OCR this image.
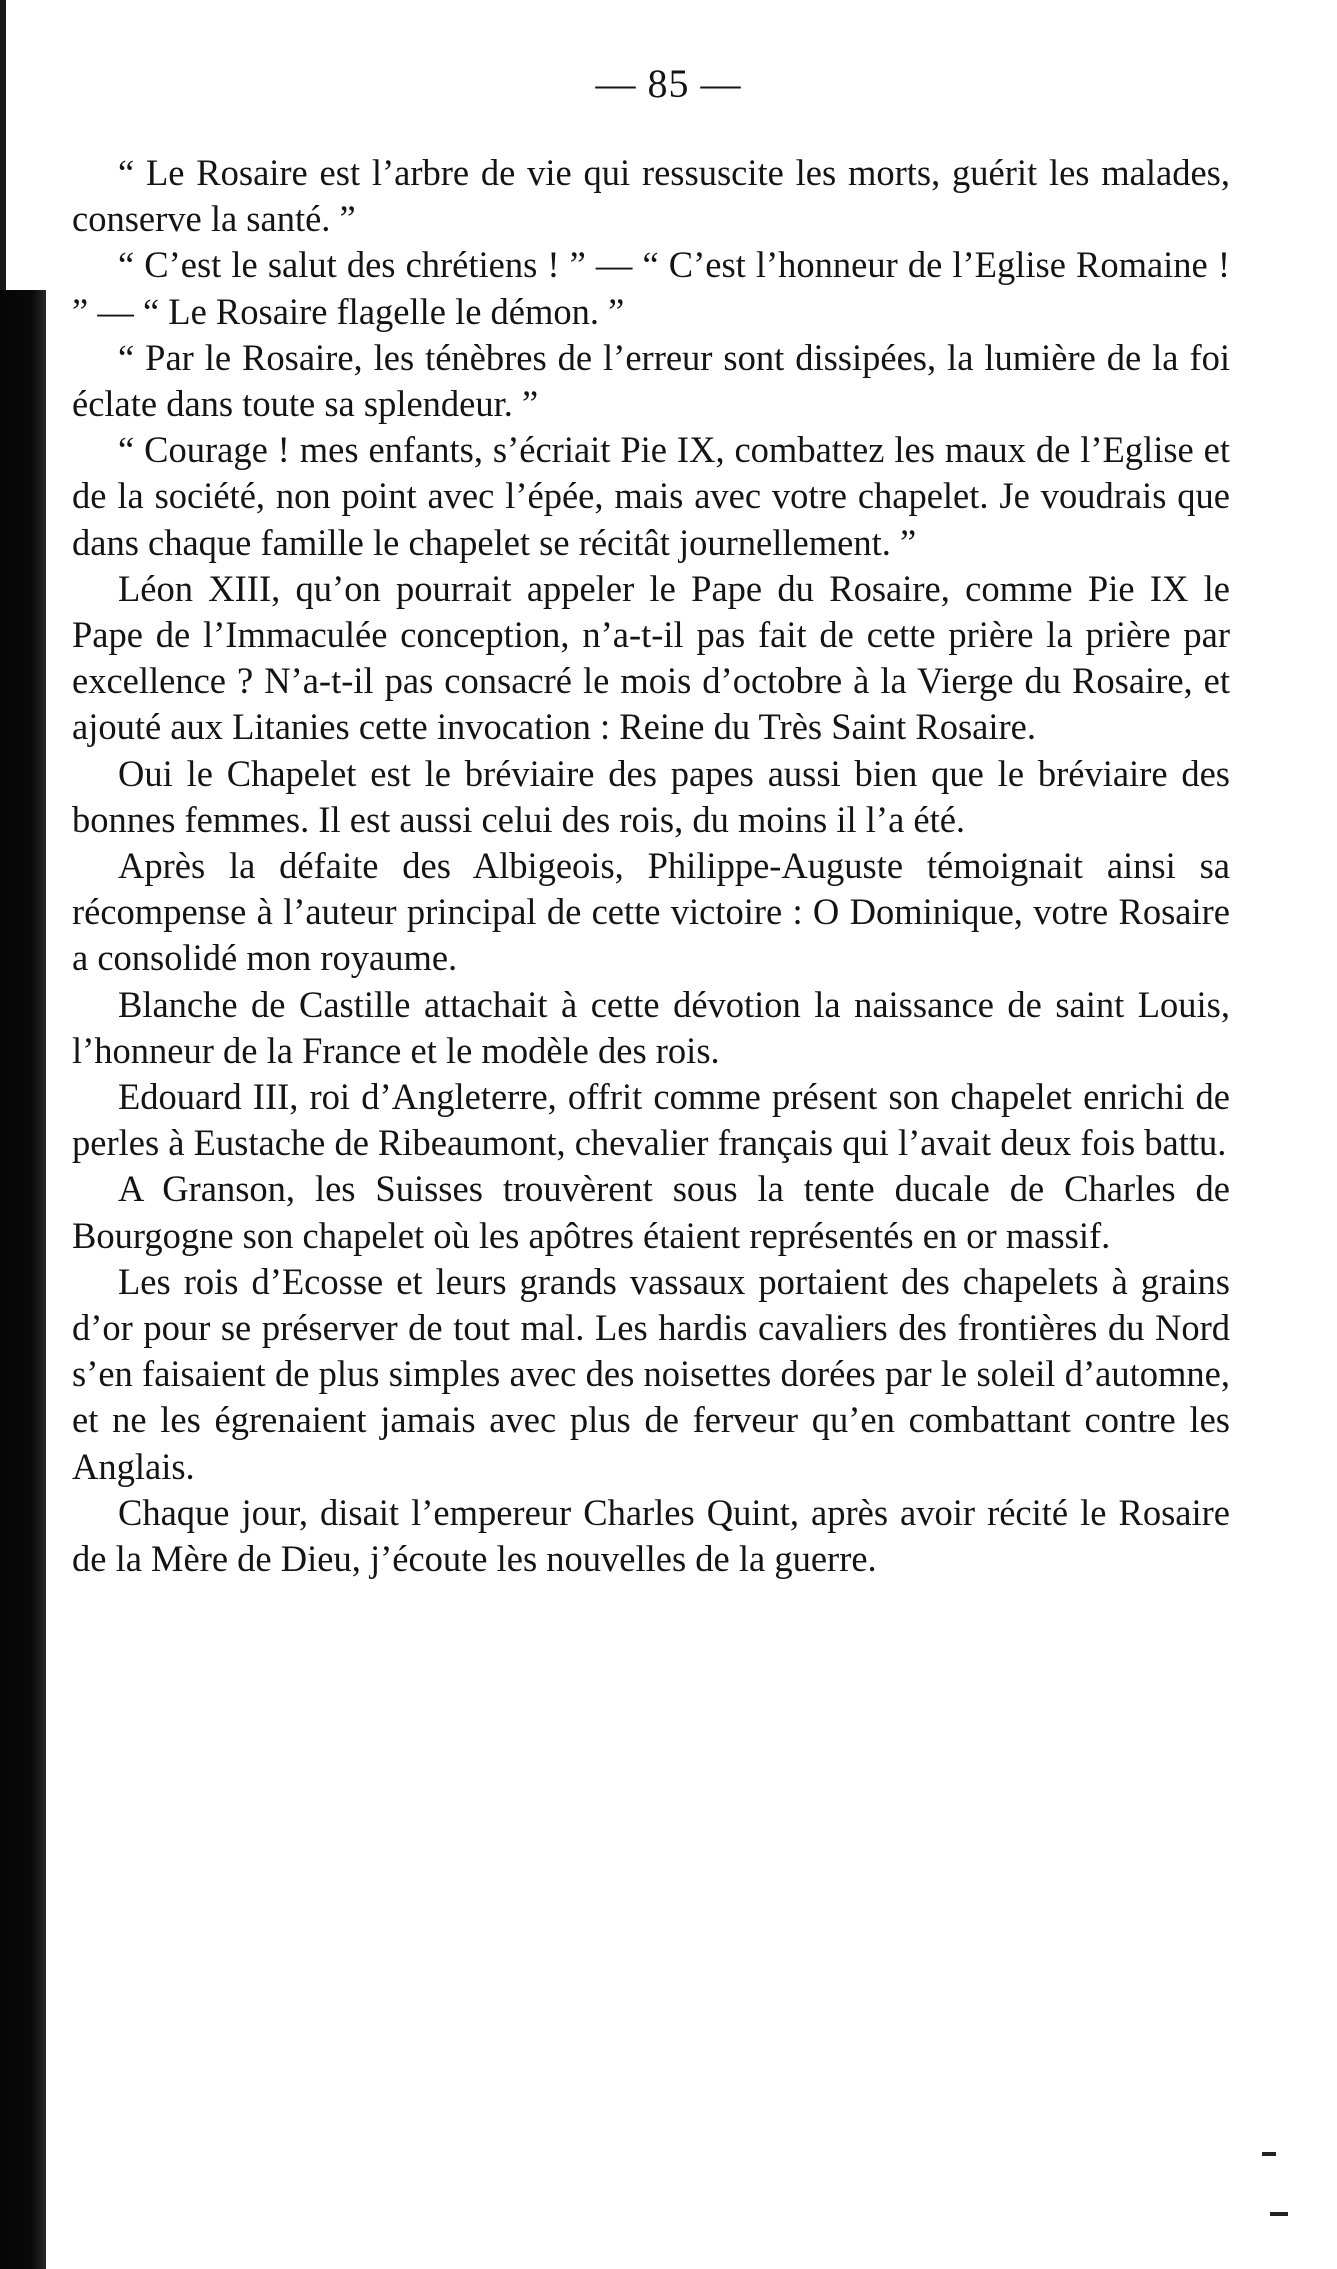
— 85 —

“ Le Rosaire est l’arbre de vie qui ressuscite les morts, guérit les malades, conserve la santé. ”

“ C’est le salut des chrétiens ! ” — “ C’est l’honneur de l’Eglise Romaine ! ” — “ Le Rosaire flagelle le démon. ”

“ Par le Rosaire, les ténèbres de l’erreur sont dissipées, la lumière de la foi éclate dans toute sa splendeur. ”

“ Courage ! mes enfants, s’écriait Pie IX, combattez les maux de l’Eglise et de la société, non point avec l’épée, mais avec votre chapelet. Je voudrais que dans chaque famille le chapelet se récitât journellement. ”

Léon XIII, qu’on pourrait appeler le Pape du Rosaire, comme Pie IX le Pape de l’Immaculée conception, n’a-t-il pas fait de cette prière la prière par excellence ? N’a-t-il pas consacré le mois d’octobre à la Vierge du Rosaire, et ajouté aux Litanies cette invocation : Reine du Très Saint Rosaire.

Oui le Chapelet est le bréviaire des papes aussi bien que le bréviaire des bonnes femmes. Il est aussi celui des rois, du moins il l’a été.

Après la défaite des Albigeois, Philippe-Auguste témoignait ainsi sa récompense à l’auteur principal de cette victoire : O Dominique, votre Rosaire a consolidé mon royaume.

Blanche de Castille attachait à cette dévotion la naissance de saint Louis, l’honneur de la France et le modèle des rois.

Edouard III, roi d’Angleterre, offrit comme présent son chapelet enrichi de perles à Eustache de Ribeaumont, chevalier français qui l’avait deux fois battu.

A Granson, les Suisses trouvèrent sous la tente ducale de Charles de Bourgogne son chapelet où les apôtres étaient représentés en or massif.

Les rois d’Ecosse et leurs grands vassaux portaient des chapelets à grains d’or pour se préserver de tout mal. Les hardis cavaliers des frontières du Nord s’en faisaient de plus simples avec des noisettes dorées par le soleil d’automne, et ne les égrenaient jamais avec plus de ferveur qu’en combattant contre les Anglais.

Chaque jour, disait l’empereur Charles Quint, après avoir récité le Rosaire de la Mère de Dieu, j’écoute les nouvelles de la guerre.
